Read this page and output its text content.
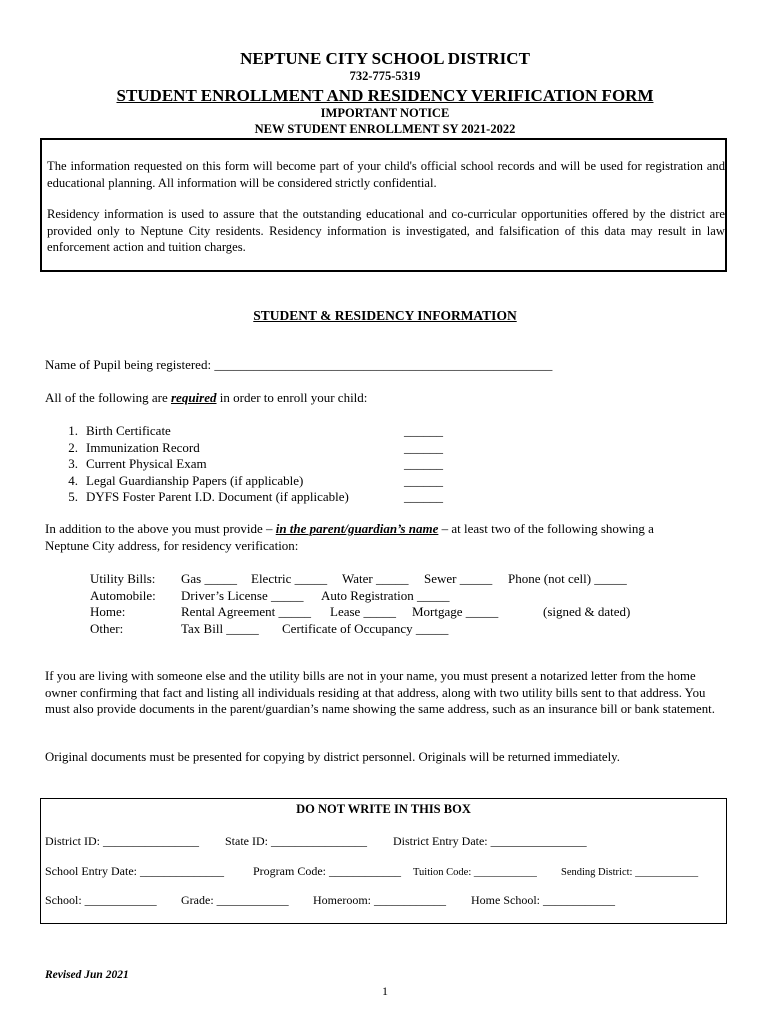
NEPTUNE CITY SCHOOL DISTRICT
732-775-5319
STUDENT ENROLLMENT AND RESIDENCY VERIFICATION FORM
IMPORTANT NOTICE
NEW STUDENT ENROLLMENT SY 2021-2022

The information requested on this form will become part of your child's official school records and will be used for registration and educational planning. All information will be considered strictly confidential.

Residency information is used to assure that the outstanding educational and co-curricular opportunities offered by the district are provided only to Neptune City residents. Residency information is investigated, and falsification of this data may result in law enforcement action and tuition charges.

STUDENT & RESIDENCY INFORMATION
Name of Pupil being registered: ____________________________________________________
All of the following are required in order to enroll your child:
1. Birth Certificate	______
2. Immunization Record	______
3. Current Physical Exam	______
4. Legal Guardianship Papers (if applicable)	______
5. DYFS Foster Parent I.D. Document (if applicable)	______
In addition to the above you must provide – in the parent/guardian’s name – at least two of the following showing a
Neptune City address, for residency verification:
Utility Bills: Gas _____ Electric _____ Water _____ Sewer _____ Phone (not cell) _____
Automobile: Driver’s License _____ Auto Registration _____
Home:	Rental Agreement _____ Lease _____ Mortgage _____	(signed & dated)
Other:	Tax Bill _____ Certificate of Occupancy _____

If you are living with someone else and the utility bills are not in your name, you must present a notarized letter from the home owner confirming that fact and listing all individuals residing at that address, along with two utility bills sent to that address. You must also provide documents in the parent/guardian’s name showing the same address, such as an insurance bill or bank statement.

Original documents must be presented for copying by district personnel. Originals will be returned immediately.

DO NOT WRITE IN THIS BOX
District ID: ________________ State ID: ________________ District Entry Date: ________________
School Entry Date: ______________ Program Code: ____________ Tuition Code: ____________ Sending District: ____________
School: ____________ Grade: ____________ Homeroom: ____________ Home School: ____________
Revised Jun 2021
1
